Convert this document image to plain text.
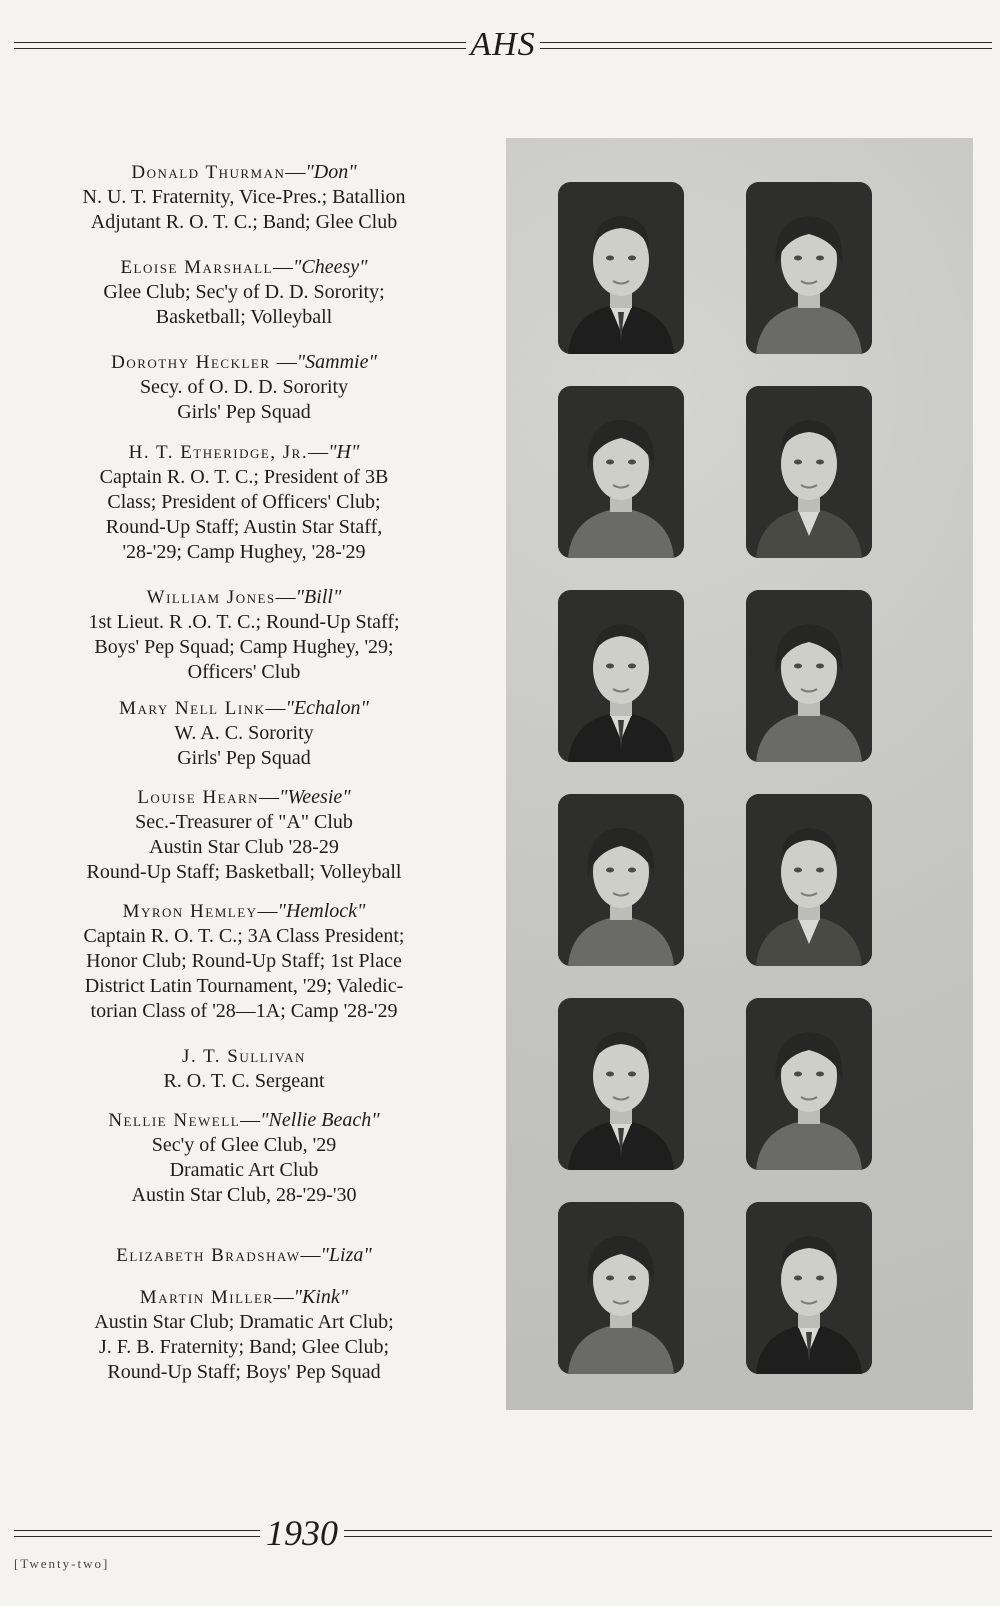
AHS
Donald Thurman—"Don"
N. U. T. Fraternity, Vice-Pres.; Batallion
Adjutant R. O. T. C.; Band; Glee Club
Eloise Marshall—"Cheesy"
Glee Club; Sec'y of D. D. Sorority;
Basketball; Volleyball
Dorothy Heckler —"Sammie"
Secy. of O. D. D. Sorority
Girls' Pep Squad
H. T. Etheridge, Jr.—"H"
Captain R. O. T. C.; President of 3B
Class; President of Officers' Club;
Round-Up Staff; Austin Star Staff,
'28-'29; Camp Hughey, '28-'29
William Jones—"Bill"
1st Lieut. R .O. T. C.; Round-Up Staff;
Boys' Pep Squad; Camp Hughey, '29;
Officers' Club
Mary Nell Link—"Echalon"
W. A. C. Sorority
Girls' Pep Squad
Louise Hearn—"Weesie"
Sec.-Treasurer of "A" Club
Austin Star Club '28-29
Round-Up Staff; Basketball; Volleyball
Myron Hemley—"Hemlock"
Captain R. O. T. C.; 3A Class President;
Honor Club; Round-Up Staff; 1st Place
District Latin Tournament, '29; Valedic-
torian Class of '28—1A; Camp '28-'29
J. T. Sullivan
R. O. T. C. Sergeant
Nellie Newell—"Nellie Beach"
Sec'y of Glee Club, '29
Dramatic Art Club
Austin Star Club, 28-'29-'30
Elizabeth Bradshaw—"Liza"
Martin Miller—"Kink"
Austin Star Club; Dramatic Art Club;
J. F. B. Fraternity; Band; Glee Club;
Round-Up Staff; Boys' Pep Squad
1930
[Twenty-two]
